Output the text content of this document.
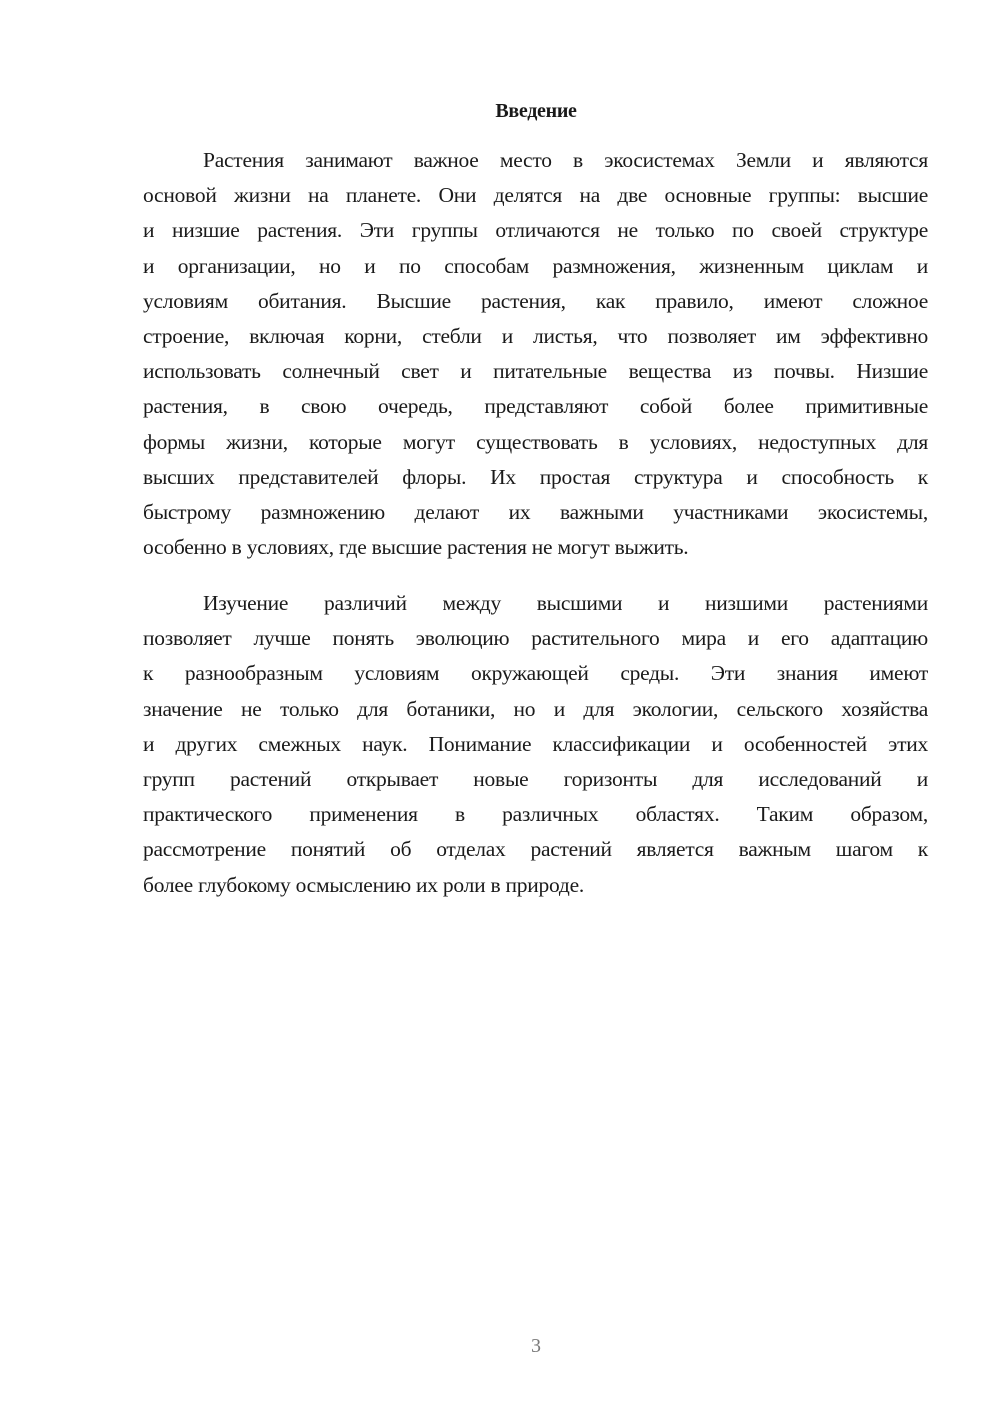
Введение
Растения занимают важное место в экосистемах Земли и являются
основой жизни на планете. Они делятся на две основные группы: высшие
и низшие растения. Эти группы отличаются не только по своей структуре
и организации, но и по способам размножения, жизненным циклам и
условиям обитания. Высшие растения, как правило, имеют сложное
строение, включая корни, стебли и листья, что позволяет им эффективно
использовать солнечный свет и питательные вещества из почвы. Низшие
растения, в свою очередь, представляют собой более примитивные
формы жизни, которые могут существовать в условиях, недоступных для
высших представителей флоры. Их простая структура и способность к
быстрому размножению делают их важными участниками экосистемы,
особенно в условиях, где высшие растения не могут выжить.
Изучение различий между высшими и низшими растениями
позволяет лучше понять эволюцию растительного мира и его адаптацию
к разнообразным условиям окружающей среды. Эти знания имеют
значение не только для ботаники, но и для экологии, сельского хозяйства
и других смежных наук. Понимание классификации и особенностей этих
групп растений открывает новые горизонты для исследований и
практического применения в различных областях. Таким образом,
рассмотрение понятий об отделах растений является важным шагом к
более глубокому осмыслению их роли в природе.
3
